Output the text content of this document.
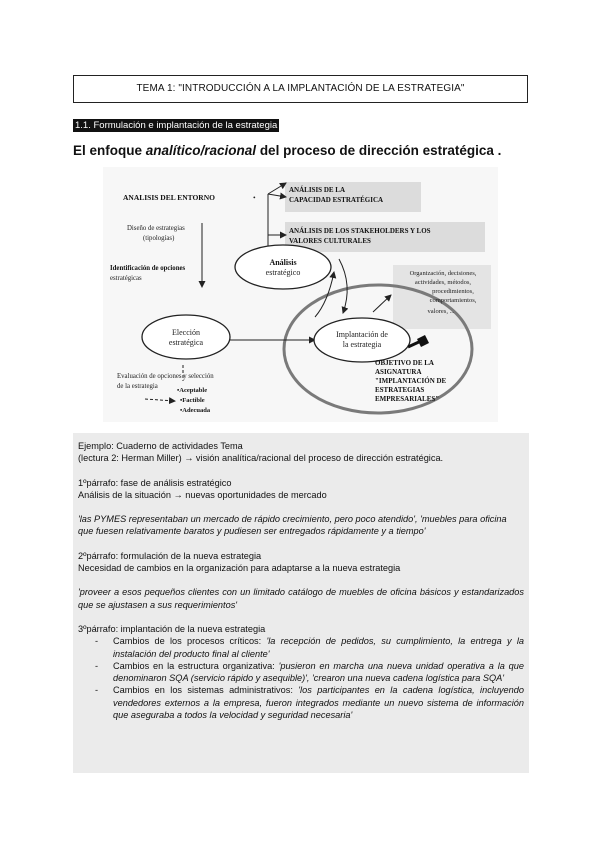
TEMA 1: "INTRODUCCIÓN A LA IMPLANTACIÓN DE LA ESTRATEGIA"
1.1. Formulación e implantación de la estrategia
El enfoque analítico/racional del proceso de dirección estratégica .
ANALISIS DEL ENTORNO	•
ANÁLISIS DE LA
CAPACIDAD ESTRATÉGICA
ANÁLISIS DE LOS STAKEHOLDERS Y LOS
VALORES CULTURALES
Diseño de estrategias
(tipologías)
Identificación de opciones
estratégicas
Análisis
estratégico
Elección
estratégica
Implantación de
la estrategia
Organización, decisiones,
actividades, métodos,
procedimientos,
comportamientos,
valores, ...
Evaluación de opciones y selección
de la estrategia
•Aceptable
•Factible
•Adecuada
OBJETIVO DE LA
ASIGNATURA
"IMPLANTACIÓN DE
ESTRATEGIAS
EMPRESARIALES"

Ejemplo: Cuaderno de actividades Tema

(lectura 2: Herman Miller) → visión analítica/racional del proceso de dirección estratégica.

1ºpárrafo: fase de análisis estratégico

Análisis de la situación → nuevas oportunidades de mercado

'las PYMES representaban un mercado de rápido crecimiento, pero poco atendido', 'muebles para oficina que fuesen relativamente baratos y pudiesen ser entregados rápidamente y a tiempo'

2ºpárrafo: formulación de la nueva estrategia

Necesidad de cambios en la organización para adaptarse a la nueva estrategia

'proveer a esos pequeños clientes con un limitado catálogo de muebles de oficina básicos y estandarizados que se ajustasen a sus requerimientos'

3ºpárrafo: implantación de la nueva estrategia

- Cambios de los procesos críticos: 'la recepción de pedidos, su cumplimiento, la entrega y la instalación del producto final al cliente'
- Cambios en la estructura organizativa: 'pusieron en marcha una nueva unidad operativa a la que denominaron SQA (servicio rápido y asequible)', 'crearon una nueva cadena logística para SQA'
- Cambios en los sistemas administrativos: 'los participantes en la cadena logística, incluyendo vendedores externos a la empresa, fueron integrados mediante un nuevo sistema de información que aseguraba a todos la velocidad y seguridad necesaria'
